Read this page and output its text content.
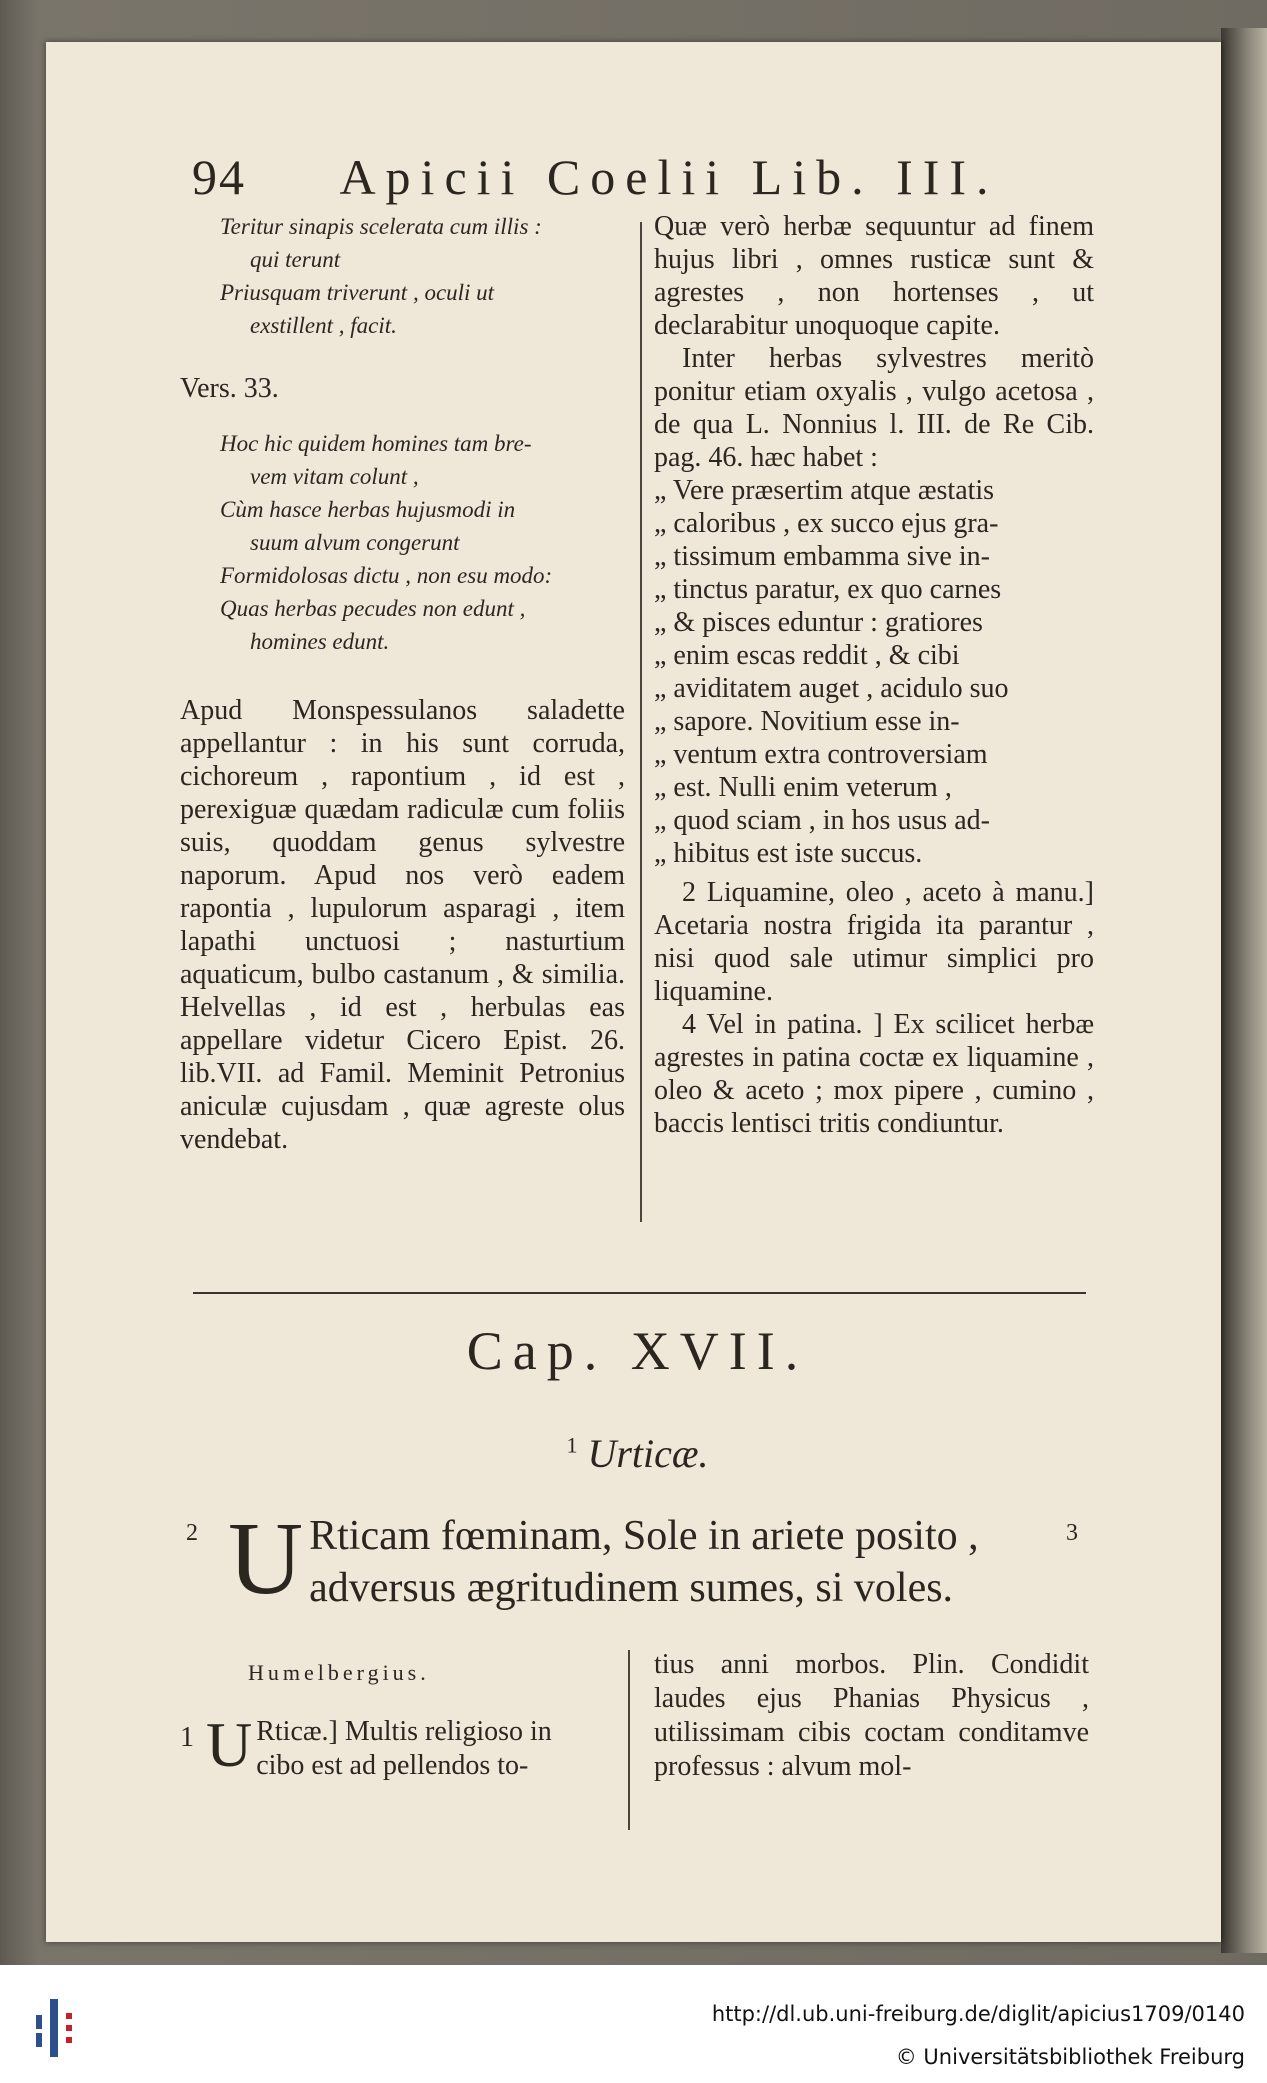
94	Apicii Coelii Lib. III.

Teritur sinapis scelerata cum illis :

qui terunt
Priusquam triverunt , oculi ut

exstillent , facit.

Vers. 33.

Hoc hic quidem homines tam bre-

vem vitam colunt ,
Cùm hasce herbas hujusmodi in

suum alvum congerunt
Formidolosas dictu , non esu modo:
Quas herbas pecudes non edunt ,

homines edunt.

Apud Monspessulanos saladette appellantur : in his sunt corruda, cichoreum , rapontium , id est , perexiguæ quædam radiculæ cum foliis suis, quoddam genus sylvestre naporum. Apud nos verò eadem rapontia , lupulorum asparagi , item lapathi unctuosi ; nasturtium aquaticum, bulbo castanum , & similia. Helvellas , id est , herbulas eas appellare videtur Cicero Epist. 26. lib.VII. ad Famil. Meminit Petronius aniculæ cujusdam , quæ agreste olus vendebat.

Quæ verò herbæ sequuntur ad finem hujus libri , omnes rusticæ sunt & agrestes , non hortenses , ut declarabitur unoquoque capite.

Inter herbas sylvestres meritò ponitur etiam oxyalis , vulgo acetosa , de qua L. Nonnius l. III. de Re Cib. pag. 46. hæc habet :

„ Vere præsertim atque æstatis
„ caloribus , ex succo ejus gra-
„ tissimum embamma sive in-
„ tinctus paratur, ex quo carnes
„ & pisces eduntur : gratiores
„ enim escas reddit , & cibi
„ aviditatem auget , acidulo suo
„ sapore. Novitium esse in-
„ ventum extra controversiam
„ est. Nulli enim veterum ,
„ quod sciam , in hos usus ad-
„ hibitus est iste succus.

2 Liquamine, oleo , aceto à manu.] Acetaria nostra frigida ita parantur , nisi quod sale utimur simplici pro liquamine.

4 Vel in patina. ] Ex scilicet herbæ agrestes in patina coctæ ex liquamine , oleo & aceto ; mox pipere , cumino , baccis lentisci tritis condiuntur.

Cap. XVII.
$^1$ Urticæ.
2	3
U Rticam fœminam, Sole in ariete posito ,
adversus ægritudinem sumes, si voles.
Humelbergius.
1 U Rticæ.] Multis religioso in
cibo est ad pellendos to-
tius anni morbos. Plin. Condidit laudes ejus Phanias Physicus , utilissimam cibis coctam conditamve professus : alvum mol-
http://dl.ub.uni-freiburg.de/diglit/apicius1709/0140
© Universitätsbibliothek Freiburg
